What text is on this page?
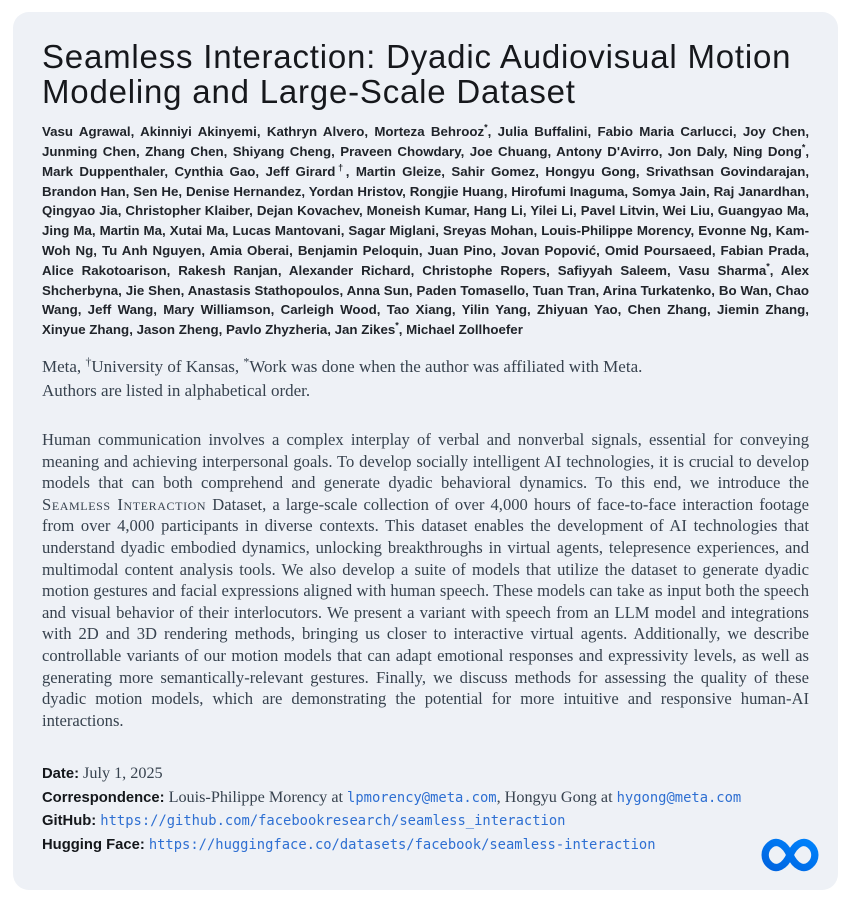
Seamless Interaction: Dyadic Audiovisual Motion Modeling and Large-Scale Dataset

Vasu Agrawal, Akinniyi Akinyemi, Kathryn Alvero, Morteza Behrooz*, Julia Buffalini, Fabio Maria Carlucci, Joy Chen, Junming Chen, Zhang Chen, Shiyang Cheng, Praveen Chowdary, Joe Chuang, Antony D'Avirro, Jon Daly, Ning Dong*, Mark Duppenthaler, Cynthia Gao, Jeff Girard†, Martin Gleize, Sahir Gomez, Hongyu Gong, Srivathsan Govindarajan, Brandon Han, Sen He, Denise Hernandez, Yordan Hristov, Rongjie Huang, Hirofumi Inaguma, Somya Jain, Raj Janardhan, Qingyao Jia, Christopher Klaiber, Dejan Kovachev, Moneish Kumar, Hang Li, Yilei Li, Pavel Litvin, Wei Liu, Guangyao Ma, Jing Ma, Martin Ma, Xutai Ma, Lucas Mantovani, Sagar Miglani, Sreyas Mohan, Louis-Philippe Morency, Evonne Ng, Kam-Woh Ng, Tu Anh Nguyen, Amia Oberai, Benjamin Peloquin, Juan Pino, Jovan Popović, Omid Poursaeed, Fabian Prada, Alice Rakotoarison, Rakesh Ranjan, Alexander Richard, Christophe Ropers, Safiyyah Saleem, Vasu Sharma*, Alex Shcherbyna, Jie Shen, Anastasis Stathopoulos, Anna Sun, Paden Tomasello, Tuan Tran, Arina Turkatenko, Bo Wan, Chao Wang, Jeff Wang, Mary Williamson, Carleigh Wood, Tao Xiang, Yilin Yang, Zhiyuan Yao, Chen Zhang, Jiemin Zhang, Xinyue Zhang, Jason Zheng, Pavlo Zhyzheria, Jan Zikes*, Michael Zollhoefer

Meta, †University of Kansas, *Work was done when the author was affiliated with Meta.
Authors are listed in alphabetical order.

Human communication involves a complex interplay of verbal and nonverbal signals, essential for conveying meaning and achieving interpersonal goals. To develop socially intelligent AI technologies, it is crucial to develop models that can both comprehend and generate dyadic behavioral dynamics. To this end, we introduce the Seamless Interaction Dataset, a large-scale collection of over 4,000 hours of face-to-face interaction footage from over 4,000 participants in diverse contexts. This dataset enables the development of AI technologies that understand dyadic embodied dynamics, unlocking breakthroughs in virtual agents, telepresence experiences, and multimodal content analysis tools. We also develop a suite of models that utilize the dataset to generate dyadic motion gestures and facial expressions aligned with human speech. These models can take as input both the speech and visual behavior of their interlocutors. We present a variant with speech from an LLM model and integrations with 2D and 3D rendering methods, bringing us closer to interactive virtual agents. Additionally, we describe controllable variants of our motion models that can adapt emotional responses and expressivity levels, as well as generating more semantically-relevant gestures. Finally, we discuss methods for assessing the quality of these dyadic motion models, which are demonstrating the potential for more intuitive and responsive human-AI interactions.

Date: July 1, 2025
Correspondence: Louis-Philippe Morency at lpmorency@meta.com, Hongyu Gong at hygong@meta.com
GitHub: https://github.com/facebookresearch/seamless_interaction
Hugging Face: https://huggingface.co/datasets/facebook/seamless-interaction
